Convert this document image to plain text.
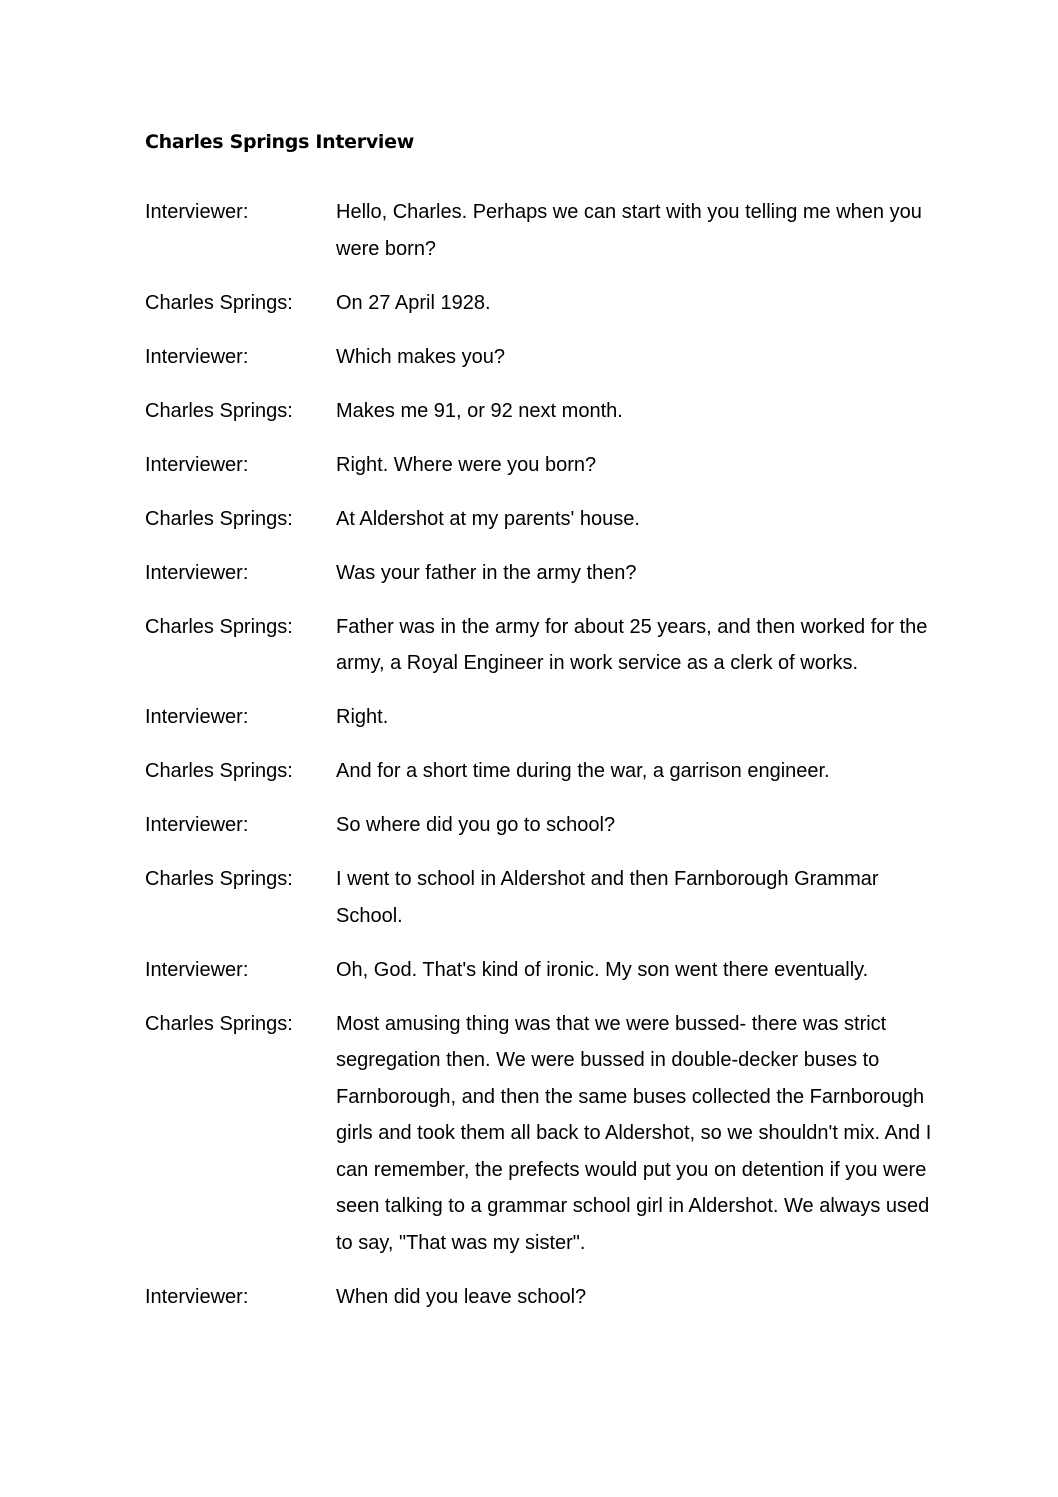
Charles Springs Interview
Interviewer:	Hello, Charles. Perhaps we can start with you telling me when you were born?
Charles Springs:	On 27 April 1928.
Interviewer:	Which makes you?
Charles Springs:	Makes me 91, or 92 next month.
Interviewer:	Right. Where were you born?
Charles Springs:	At Aldershot at my parents' house.
Interviewer:	Was your father in the army then?
Charles Springs:	Father was in the army for about 25 years, and then worked for the army, a Royal Engineer in work service as a clerk of works.
Interviewer:	Right.
Charles Springs:	And for a short time during the war, a garrison engineer.
Interviewer:	So where did you go to school?
Charles Springs:	I went to school in Aldershot and then Farnborough Grammar School.
Interviewer:	Oh, God. That's kind of ironic. My son went there eventually.
Charles Springs:	Most amusing thing was that we were bussed- there was strict segregation then. We were bussed in double-decker buses to Farnborough, and then the same buses collected the Farnborough girls and took them all back to Aldershot, so we shouldn't mix. And I can remember, the prefects would put you on detention if you were seen talking to a grammar school girl in Aldershot. We always used to say, "That was my sister".
Interviewer:	When did you leave school?
